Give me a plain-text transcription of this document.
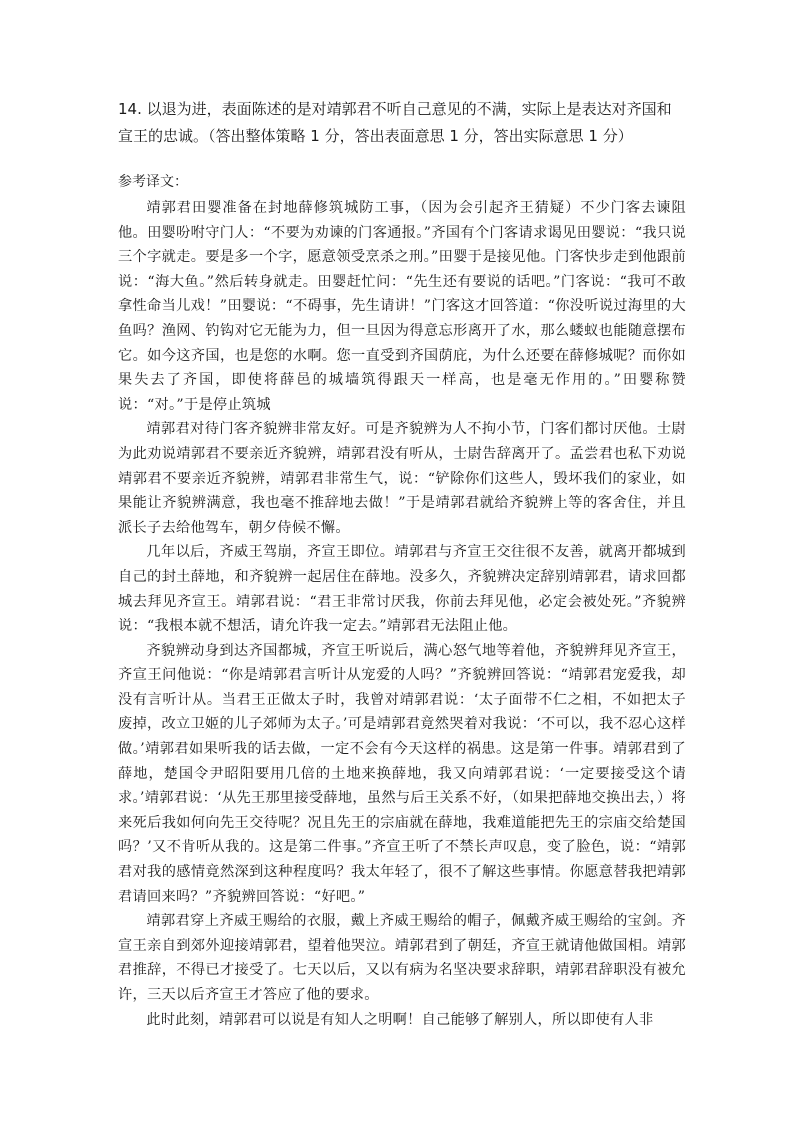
14. 以退为进，表面陈述的是对靖郭君不听自己意见的不满，实际上是表达对齐国和宣王的忠诚。（答出整体策略 1 分，答出表面意思 1 分，答出实际意思 1 分）

参考译文：

靖郭君田婴准备在封地薛修筑城防工事，（因为会引起齐王猜疑）不少门客去谏阻他。田婴吩咐守门人：“不要为劝谏的门客通报。”齐国有个门客请求谒见田婴说：“我只说三个字就走。要是多一个字，愿意领受烹杀之刑。”田婴于是接见他。门客快步走到他跟前说：“海大鱼。”然后转身就走。田婴赶忙问：“先生还有要说的话吧。”门客说：“我可不敢拿性命当儿戏！”田婴说：“不碍事，先生请讲！”门客这才回答道：“你没听说过海里的大鱼吗？渔网、钓钩对它无能为力，但一旦因为得意忘形离开了水，那么蝼蚁也能随意摆布它。如今这齐国，也是您的水啊。您一直受到齐国荫庇，为什么还要在薛修城呢？而你如果失去了齐国，即使将薛邑的城墙筑得跟天一样高，也是毫无作用的。”田婴称赞说：“对。”于是停止筑城

靖郭君对待门客齐貌辨非常友好。可是齐貌辨为人不拘小节，门客们都讨厌他。士尉为此劝说靖郭君不要亲近齐貌辨，靖郭君没有听从，士尉告辞离开了。孟尝君也私下劝说靖郭君不要亲近齐貌辨，靖郭君非常生气，说：“铲除你们这些人，毁坏我们的家业，如果能让齐貌辨满意，我也毫不推辞地去做！”于是靖郭君就给齐貌辨上等的客舍住，并且派长子去给他驾车，朝夕侍候不懈。

几年以后，齐威王驾崩，齐宣王即位。靖郭君与齐宣王交往很不友善，就离开都城到自己的封土薛地，和齐貌辨一起居住在薛地。没多久，齐貌辨决定辞别靖郭君，请求回都城去拜见齐宣王。靖郭君说：“君王非常讨厌我，你前去拜见他，必定会被处死。”齐貌辨说：“我根本就不想活，请允许我一定去。”靖郭君无法阻止他。

齐貌辨动身到达齐国都城，齐宣王听说后，满心怒气地等着他，齐貌辨拜见齐宣王，齐宣王问他说：“你是靖郭君言听计从宠爱的人吗？”齐貌辨回答说：“靖郭君宠爱我，却没有言听计从。当君王正做太子时，我曾对靖郭君说：‘太子面带不仁之相，不如把太子废掉，改立卫姬的儿子郊师为太子。’可是靖郭君竟然哭着对我说：‘不可以，我不忍心这样做。’靖郭君如果听我的话去做，一定不会有今天这样的祸患。这是第一件事。靖郭君到了薛地，楚国令尹昭阳要用几倍的土地来换薛地，我又向靖郭君说：‘一定要接受这个请求。’靖郭君说：‘从先王那里接受薛地，虽然与后王关系不好，（如果把薛地交换出去，）将来死后我如何向先王交待呢？况且先王的宗庙就在薛地，我难道能把先王的宗庙交给楚国吗？’又不肯听从我的。这是第二件事。”齐宣王听了不禁长声叹息，变了脸色，说：“靖郭君对我的感情竟然深到这种程度吗？我太年轻了，很不了解这些事情。你愿意替我把靖郭君请回来吗？”齐貌辨回答说：“好吧。”

靖郭君穿上齐威王赐给的衣服，戴上齐威王赐给的帽子，佩戴齐威王赐给的宝剑。齐宣王亲自到郊外迎接靖郭君，望着他哭泣。靖郭君到了朝廷，齐宣王就请他做国相。靖郭君推辞，不得已才接受了。七天以后，又以有病为名坚决要求辞职，靖郭君辞职没有被允许，三天以后齐宣王才答应了他的要求。

此时此刻，靖郭君可以说是有知人之明啊！自己能够了解别人，所以即使有人非
